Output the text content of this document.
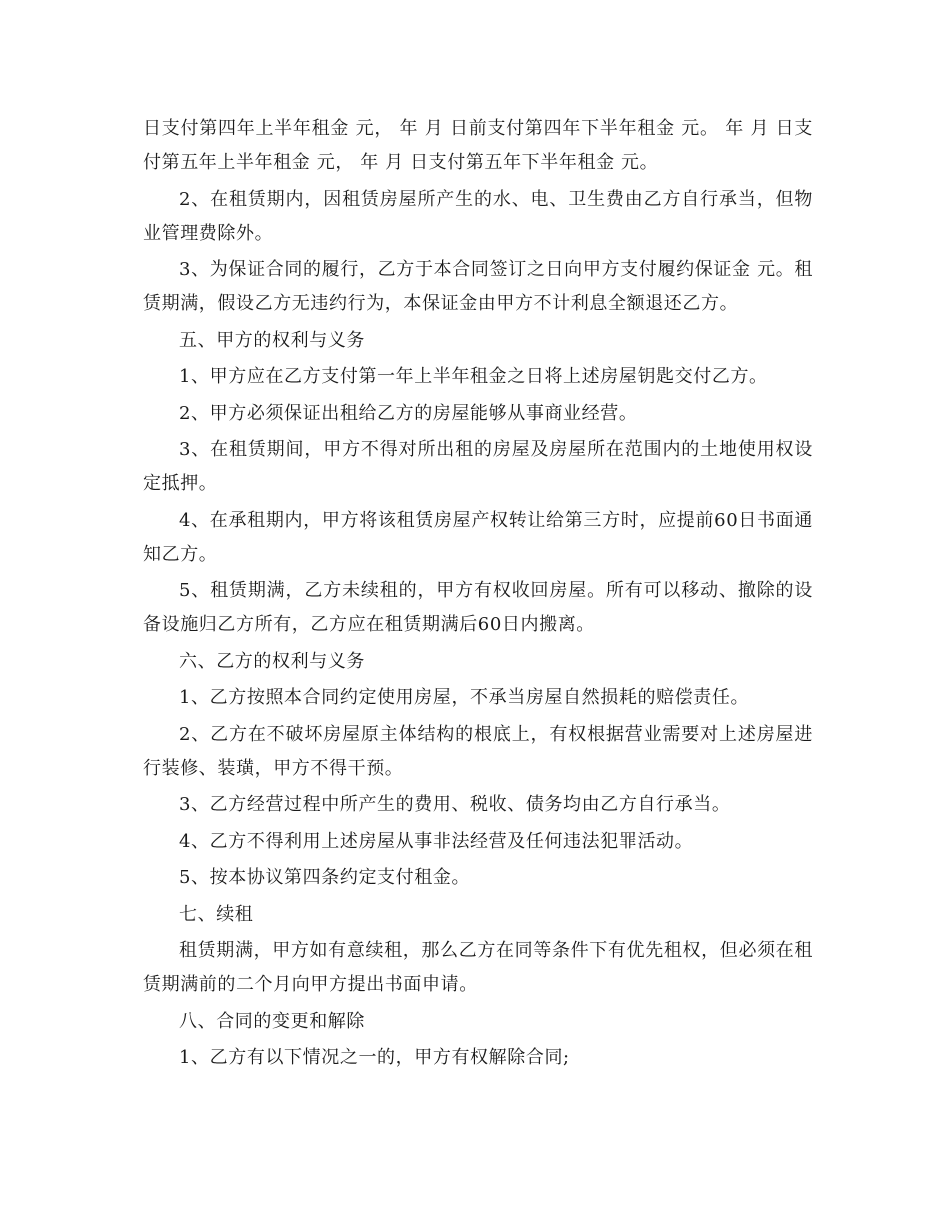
日支付第四年上半年租金 元， 年 月 日前支付第四年下半年租金 元。 年 月 日支付第五年上半年租金 元， 年 月 日支付第五年下半年租金 元。

2、在租赁期内，因租赁房屋所产生的水、电、卫生费由乙方自行承当，但物业管理费除外。

3、为保证合同的履行，乙方于本合同签订之日向甲方支付履约保证金 元。租赁期满，假设乙方无违约行为，本保证金由甲方不计利息全额退还乙方。

五、甲方的权利与义务

1、甲方应在乙方支付第一年上半年租金之日将上述房屋钥匙交付乙方。

2、甲方必须保证出租给乙方的房屋能够从事商业经营。

3、在租赁期间，甲方不得对所出租的房屋及房屋所在范围内的土地使用权设定抵押。

4、在承租期内，甲方将该租赁房屋产权转让给第三方时，应提前60日书面通知乙方。

5、租赁期满，乙方未续租的，甲方有权收回房屋。所有可以移动、撤除的设备设施归乙方所有，乙方应在租赁期满后60日内搬离。

六、乙方的权利与义务

1、乙方按照本合同约定使用房屋，不承当房屋自然损耗的赔偿责任。

2、乙方在不破坏房屋原主体结构的根底上，有权根据营业需要对上述房屋进行装修、装璜，甲方不得干预。

3、乙方经营过程中所产生的费用、税收、债务均由乙方自行承当。

4、乙方不得利用上述房屋从事非法经营及任何违法犯罪活动。

5、按本协议第四条约定支付租金。

七、续租

租赁期满，甲方如有意续租，那么乙方在同等条件下有优先租权，但必须在租赁期满前的二个月向甲方提出书面申请。

八、合同的变更和解除

1、乙方有以下情况之一的，甲方有权解除合同;
